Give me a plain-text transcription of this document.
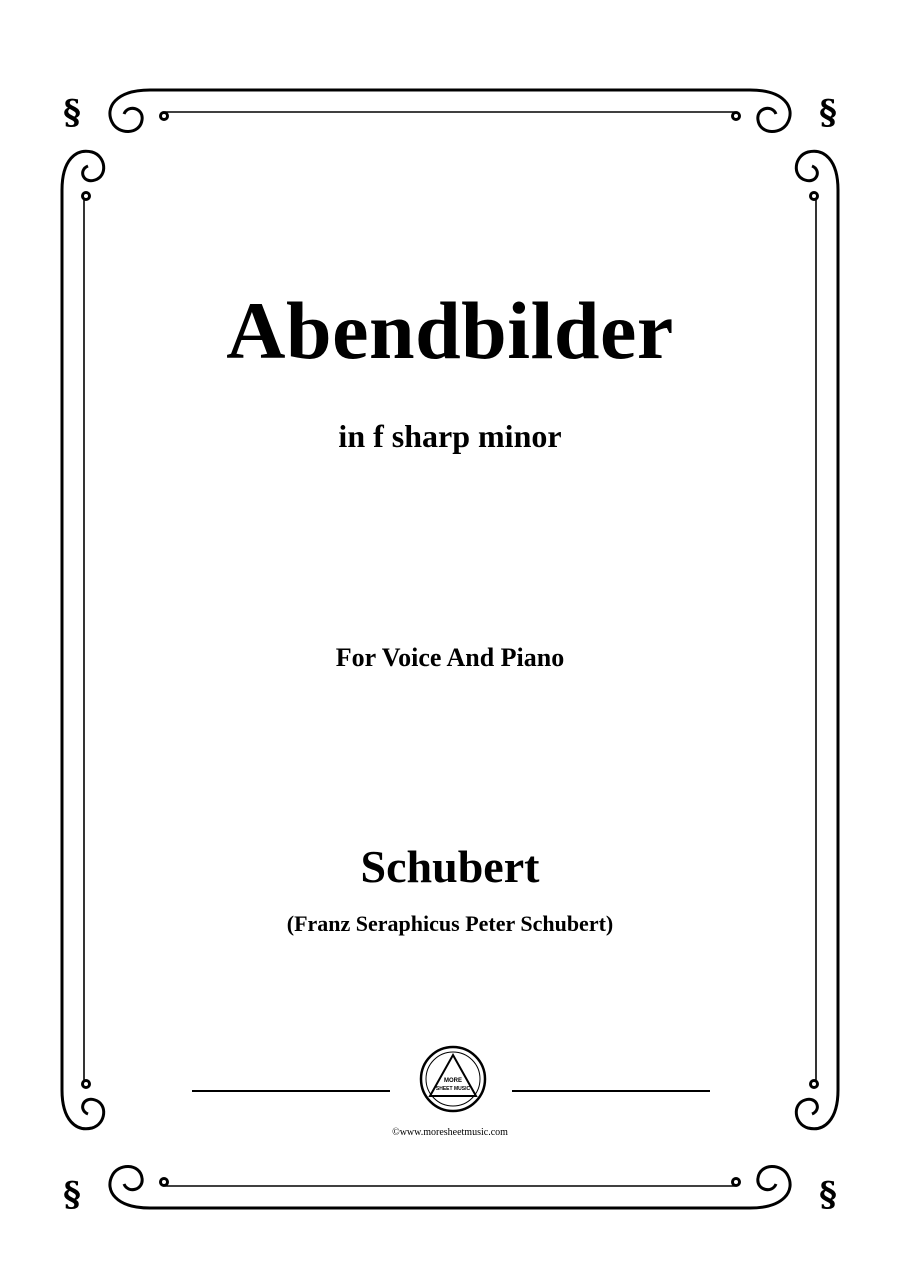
§	§
§	§
Abendbilder
in f sharp minor
For Voice And Piano
Schubert
(Franz Seraphicus Peter Schubert)
MORE
SHEET MUSIC
©www.moresheetmusic.com
